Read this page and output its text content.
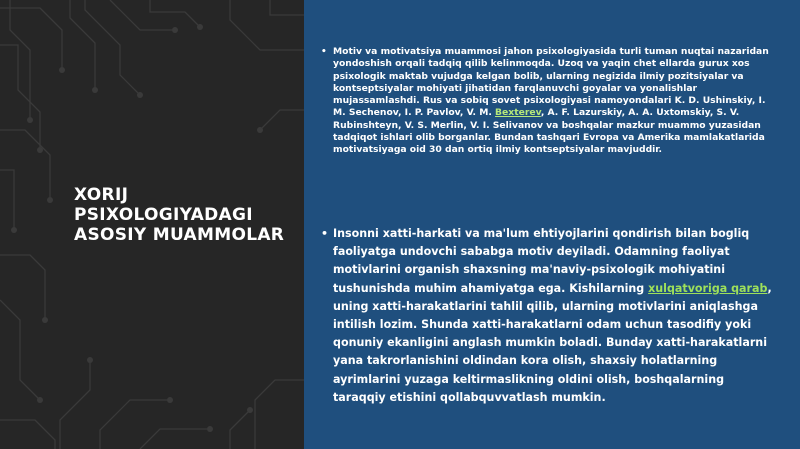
XORIJ PSIXOLOGIYADAGI ASOSIY MUAMMOLAR
• Motiv va motivatsiya muammosi jahon psixologiyasida turli tuman nuqtai nazaridan yondoshish orqali tadqiq qilib kelinmoqda. Uzoq va yaqin chet ellarda gurux xos psixologik maktab vujudga kelgan bolib, ularning negizida ilmiy pozitsiyalar va kontseptsiyalar mohiyati jihatidan farqlanuvchi goyalar va yonalishlar mujassamlashdi. Rus va sobiq sovet psixologiyasi namoyondalari K. D. Ushinskiy, I. M. Sechenov, I. P. Pavlov, V. M. Bexterev, A. F. Lazurskiy, A. A. Uxtomskiy, S. V. Rubinshteyn, V. S. Merlin, V. I. Selivanov va boshqalar mazkur muammo yuzasidan tadqiqot ishlari olib borganlar. Bundan tashqari Evropa va Amerika mamlakatlarida motivatsiyaga oid 30 dan ortiq ilmiy kontseptsiyalar mavjuddir.
• Insonni xatti-harkati va ma'lum ehtiyojlarini qondirish bilan bogliq faoliyatga undovchi sababga motiv deyiladi. Odamning faoliyat motivlarini organish shaxsning ma'naviy-psixologik mohiyatini tushunishda muhim ahamiyatga ega. Kishilarning xulqatvoriga qarab, uning xatti-harakatlarini tahlil qilib, ularning motivlarini aniqlashga intilish lozim. Shunda xatti-harakatlarni odam uchun tasodifiy yoki qonuniy ekanligini anglash mumkin boladi. Bunday xatti-harakatlarni yana takrorlanishini oldindan kora olish, shaxsiy holatlarning ayrimlarini yuzaga keltirmaslikning oldini olish, boshqalarning taraqqiy etishini qollabquvvatlash mumkin.
